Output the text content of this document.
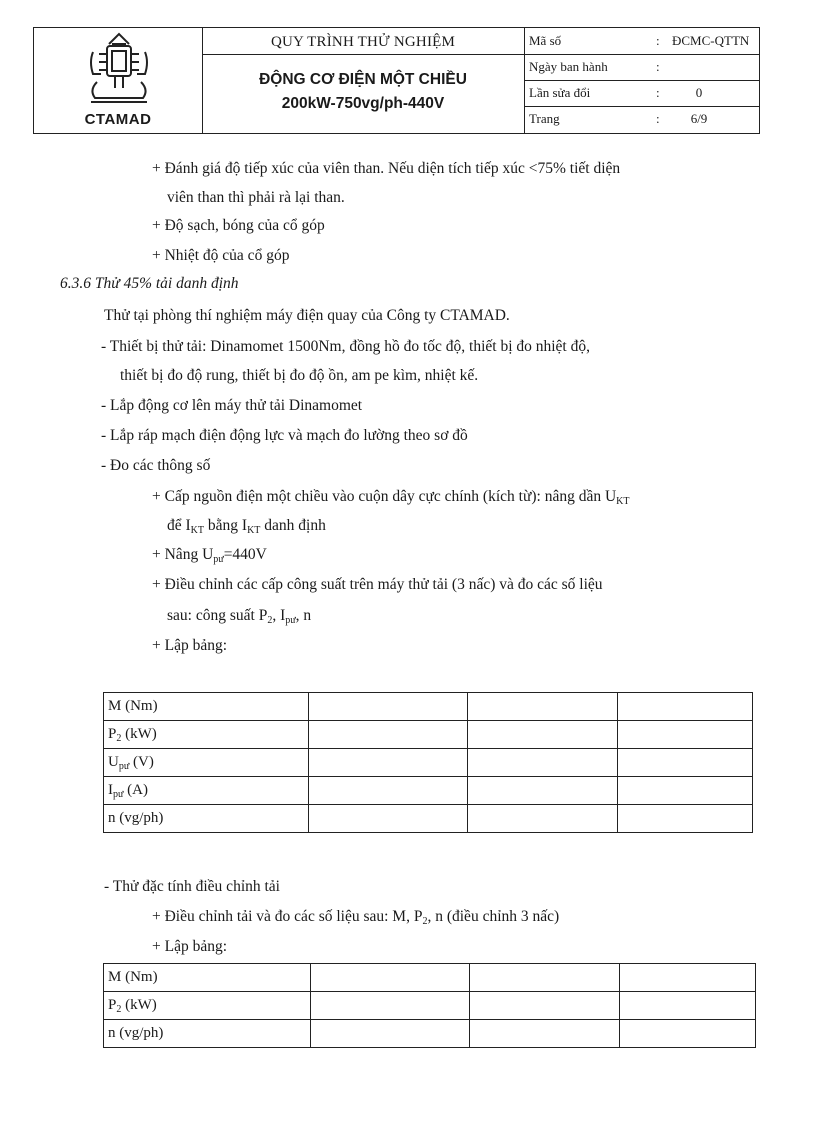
CTAMAD
QUY TRÌNH THỬ NGHIỆM
ĐỘNG CƠ ĐIỆN MỘT CHIỀU
200kW-750vg/ph-440V
Mã số	: ĐCMC-QTTN
Ngày ban hành	:
Lần sửa đổi	:	0
Trang	:	6/9
+ Đánh giá độ tiếp xúc của viên than. Nếu diện tích tiếp xúc <75% tiết diện
viên than thì phải rà lại than.
+ Độ sạch, bóng của cổ góp
+ Nhiệt độ của cổ góp
6.3.6 Thử 45% tải danh định
Thử tại phòng thí nghiệm máy điện quay của Công ty CTAMAD.
- Thiết bị thử tải: Dinamomet 1500Nm, đồng hồ đo tốc độ, thiết bị đo nhiệt độ,
thiết bị đo độ rung, thiết bị đo độ ồn, am pe kìm, nhiệt kế.
- Lắp động cơ lên máy thử tải Dinamomet
- Lắp ráp mạch điện động lực và mạch đo lường theo sơ đồ
- Đo các thông số
+ Cấp nguồn điện một chiều vào cuộn dây cực chính (kích từ): nâng dần $U_{KT}$
để $I_{KT}$ bằng $I_{KT}$ danh định
+ Nâng $U_{pư}=440V$
+ Điều chỉnh các cấp công suất trên máy thử tải (3 nấc) và đo các số liệu
sau: công suất $P_2$, $I_{pư}$, n
+ Lập bảng:
M (Nm)			
$P_2$ (kW)			
$U_{pư}$ (V)			
$I_{pư}$ (A)			
n (vg/ph)			
- Thử đặc tính điều chỉnh tải
+ Điều chỉnh tải và đo các số liệu sau: M, $P_2$, n (điều chỉnh 3 nấc)
+ Lập bảng:
M (Nm)			
$P_2$ (kW)			
n (vg/ph)			
